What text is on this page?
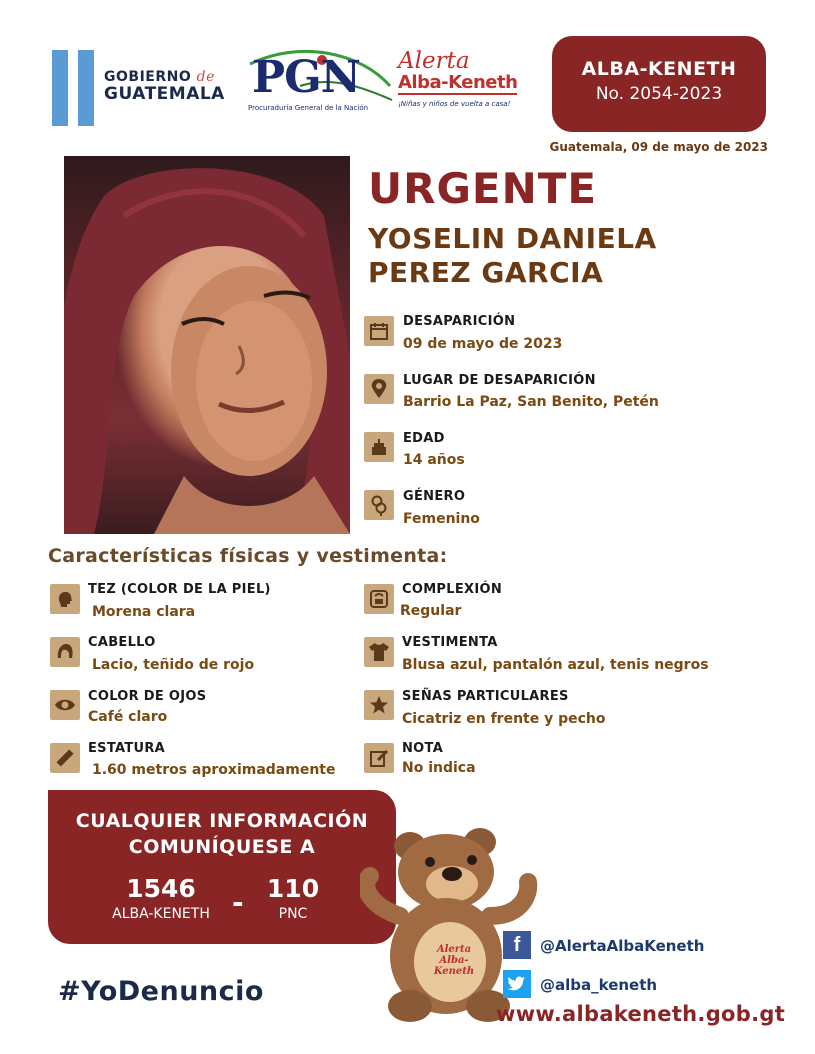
GOBIERNO de
GUATEMALA PGN
Procuraduría General de la Nación
Alerta
Alba-Keneth
¡Niñas y niños de vuelta a casa!
ALBA-KENETH
No. 2054-2023
Guatemala, 09 de mayo de 2023
URGENTE
YOSELIN DANIELA
PEREZ GARCIA
DESAPARICIÓN
09 de mayo de 2023
LUGAR DE DESAPARICIÓN
Barrio La Paz, San Benito, Petén
EDAD
14 años
GÉNERO
Femenino
Características físicas y vestimenta:
TEZ (COLOR DE LA PIEL)
Morena clara
CABELLO
Lacio, teñido de rojo
COLOR DE OJOS
Café claro
ESTATURA
1.60 metros aproximadamente
COMPLEXIÓN
Regular
VESTIMENTA
Blusa azul, pantalón azul, tenis negros
SEÑAS PARTICULARES
Cicatriz en frente y pecho
NOTA
No indica
CUALQUIER INFORMACIÓN
COMUNÍQUESE A
1546
ALBA-KENETH - 110
PNC
Alerta Alba-Keneth
#YoDenuncio
f	@AlertaAlbaKeneth
@alba_keneth
www.albakeneth.gob.gt
